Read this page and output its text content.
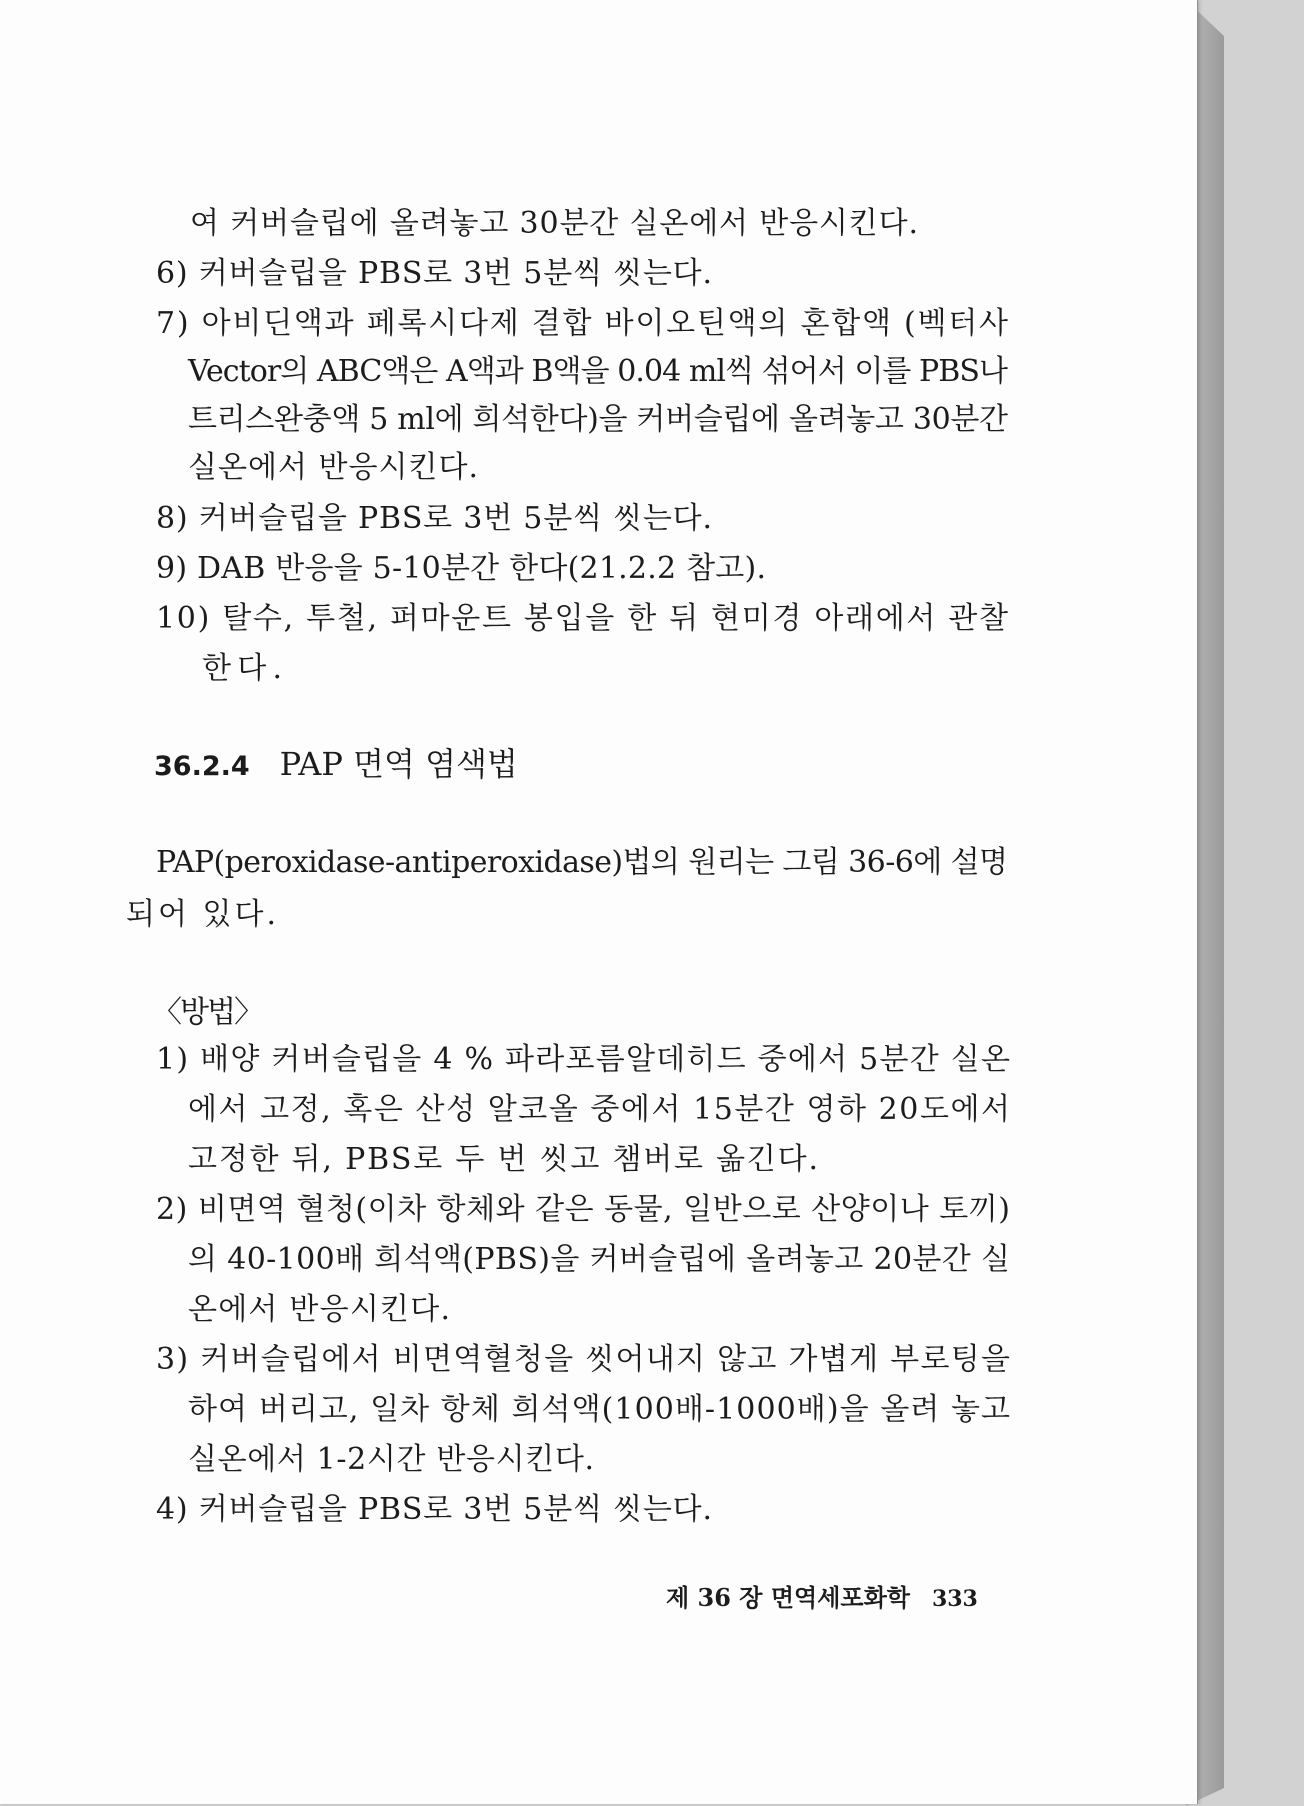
여 커버슬립에 올려놓고 30분간 실온에서 반응시킨다.
6) 커버슬립을 PBS로 3번 5분씩 씻는다.
7) 아비딘액과 페록시다제 결합 바이오틴액의 혼합액 (벡터사
Vector의 ABC액은 A액과 B액을 0.04 ml씩 섞어서 이를 PBS나
트리스완충액 5 ml에 희석한다)을 커버슬립에 올려놓고 30분간
실온에서 반응시킨다.
8) 커버슬립을 PBS로 3번 5분씩 씻는다.
9) DAB 반응을 5-10분간 한다(21.2.2 참고).
10) 탈수, 투철, 퍼마운트 봉입을 한 뒤 현미경 아래에서 관찰
한다.
36.2.4 PAP 면역 염색법
PAP(peroxidase-antiperoxidase)법의 원리는 그림 36-6에 설명
되어 있다.
〈방법〉
1) 배양 커버슬립을 4 % 파라포름알데히드 중에서 5분간 실온
에서 고정, 혹은 산성 알코올 중에서 15분간 영하 20도에서
고정한 뒤, PBS로 두 번 씻고 챔버로 옮긴다.
2) 비면역 혈청(이차 항체와 같은 동물, 일반으로 산양이나 토끼)
의 40-100배 희석액(PBS)을 커버슬립에 올려놓고 20분간 실
온에서 반응시킨다.
3) 커버슬립에서 비면역혈청을 씻어내지 않고 가볍게 부로팅을
하여 버리고, 일차 항체 희석액(100배-1000배)을 올려 놓고
실온에서 1-2시간 반응시킨다.
4) 커버슬립을 PBS로 3번 5분씩 씻는다.
제 36 장 면역세포화학 333
